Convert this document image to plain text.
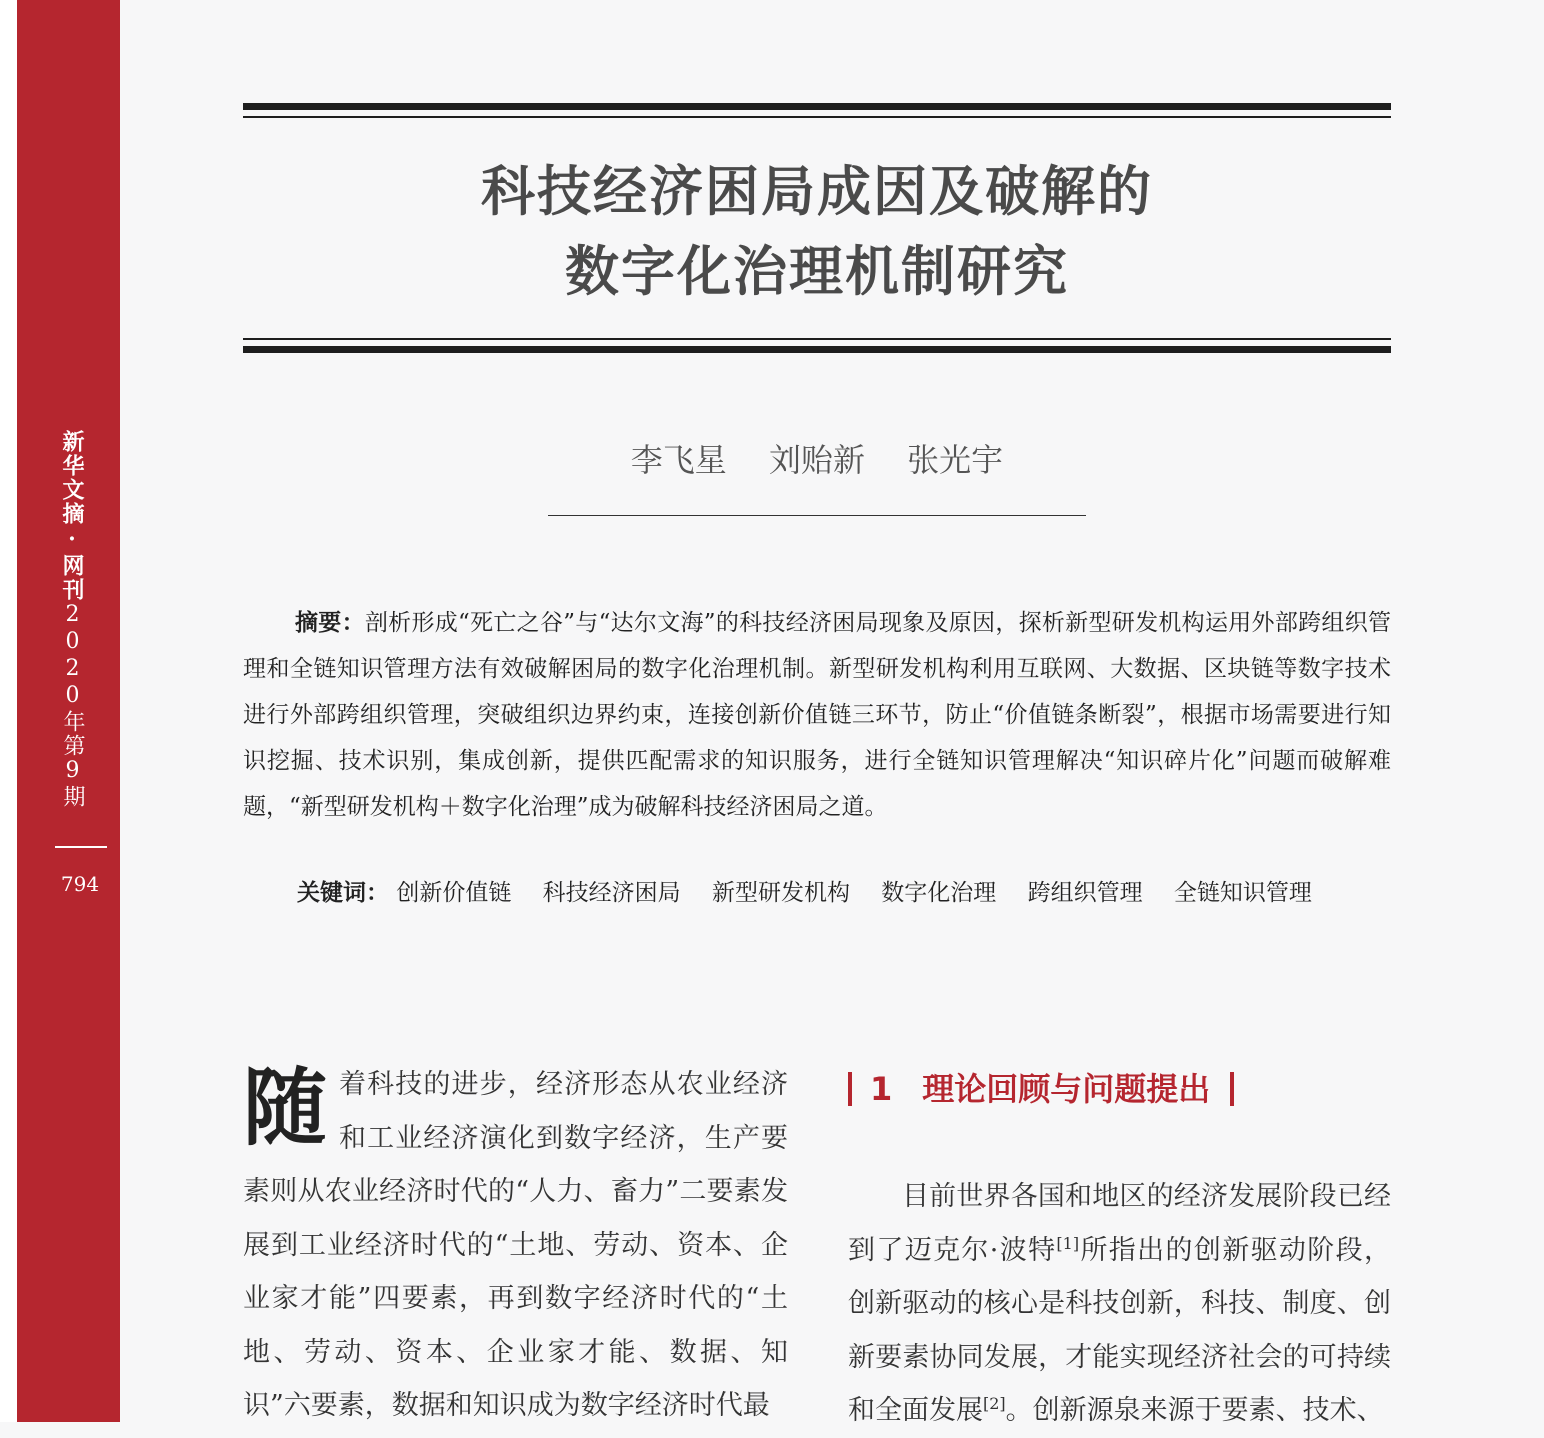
新华文摘·网刊2020年第9期
794
科技经济困局成因及破解的
数字化治理机制研究
李飞星 刘贻新 张光宇

摘要：剖析形成“死亡之谷”与“达尔文海”的科技经济困局现象及原因，探析新型研发机构运用外部跨组织管理和全链知识管理方法有效破解困局的数字化治理机制。新型研发机构利用互联网、大数据、区块链等数字技术进行外部跨组织管理，突破组织边界约束，连接创新价值链三环节，防止“价值链条断裂”，根据市场需要进行知识挖掘、技术识别，集成创新，提供匹配需求的知识服务，进行全链知识管理解决“知识碎片化”问题而破解难题，“新型研发机构＋数字化治理”成为破解科技经济困局之道。

关键词： 创新价值链 科技经济困局 新型研发机构 数字化治理 跨组织管理 全链知识管理

随着科技的进步，经济形态从农业经济和工业经济演化到数字经济，生产要素则从农业经济时代的“人力、畜力”二要素发展到工业经济时代的“土地、劳动、资本、企业家才能”四要素，再到数字经济时代的“土地、劳动、资本、企业家才能、数据、知识”六要素，数据和知识成为数字经济时代最

1 理论回顾与问题提出

目前世界各国和地区的经济发展阶段已经到了迈克尔·波特[1]所指出的创新驱动阶段，创新驱动的核心是科技创新，科技、制度、创新要素协同发展，才能实现经济社会的可持续和全面发展[2]。创新源泉来源于要素、技术、
